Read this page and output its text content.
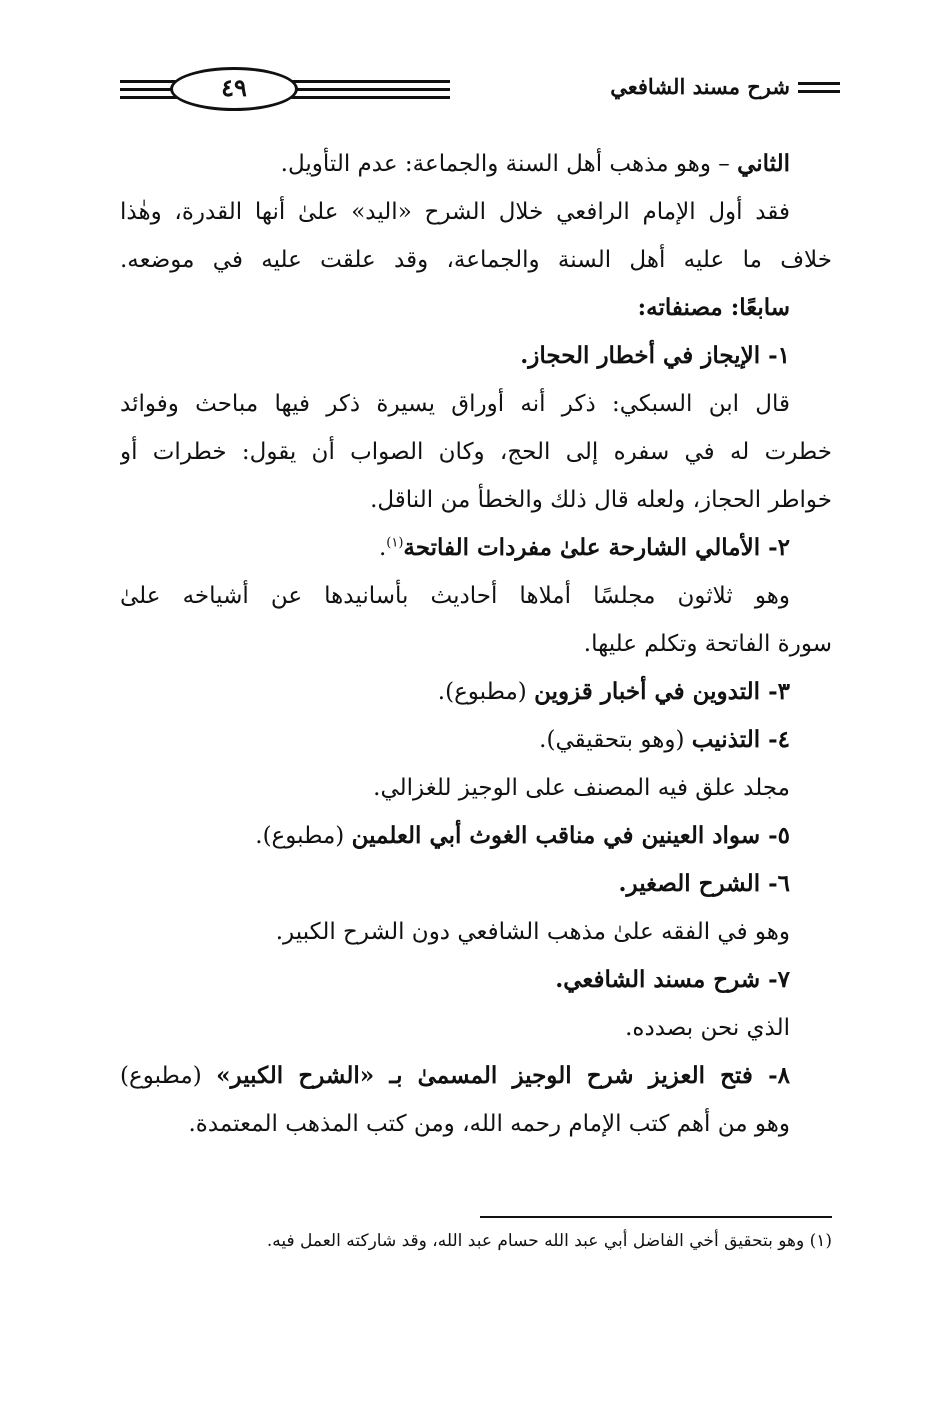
شرح مسند الشافعي
٤٩
الثاني – وهو مذهب أهل السنة والجماعة: عدم التأويل.
فقد أول الإمام الرافعي خلال الشرح «اليد» علىٰ أنها القدرة، وهٰذا
خلاف ما عليه أهل السنة والجماعة، وقد علقت عليه في موضعه.
سابعًا: مصنفاته:
١- الإيجاز في أخطار الحجاز.
قال ابن السبكي: ذكر أنه أوراق يسيرة ذكر فيها مباحث وفوائد
خطرت له في سفره إلى الحج، وكان الصواب أن يقول: خطرات أو
خواطر الحجاز، ولعله قال ذلك والخطأ من الناقل.
٢- الأمالي الشارحة علىٰ مفردات الفاتحة$^{(١)}$.
وهو ثلاثون مجلسًا أملاها أحاديث بأسانيدها عن أشياخه علىٰ
سورة الفاتحة وتكلم عليها.
٣- التدوين في أخبار قزوين (مطبوع).
٤- التذنيب (وهو بتحقيقي).
مجلد علق فيه المصنف على الوجيز للغزالي.
٥- سواد العينين في مناقب الغوث أبي العلمين (مطبوع).
٦- الشرح الصغير.
وهو في الفقه علىٰ مذهب الشافعي دون الشرح الكبير.
٧- شرح مسند الشافعي.
الذي نحن بصدده.
٨- فتح العزيز شرح الوجيز المسمىٰ بـ «الشرح الكبير» (مطبوع)
وهو من أهم كتب الإمام رحمه الله، ومن كتب المذهب المعتمدة.
(١) وهو بتحقيق أخي الفاضل أبي عبد الله حسام عبد الله، وقد شاركته العمل فيه.
